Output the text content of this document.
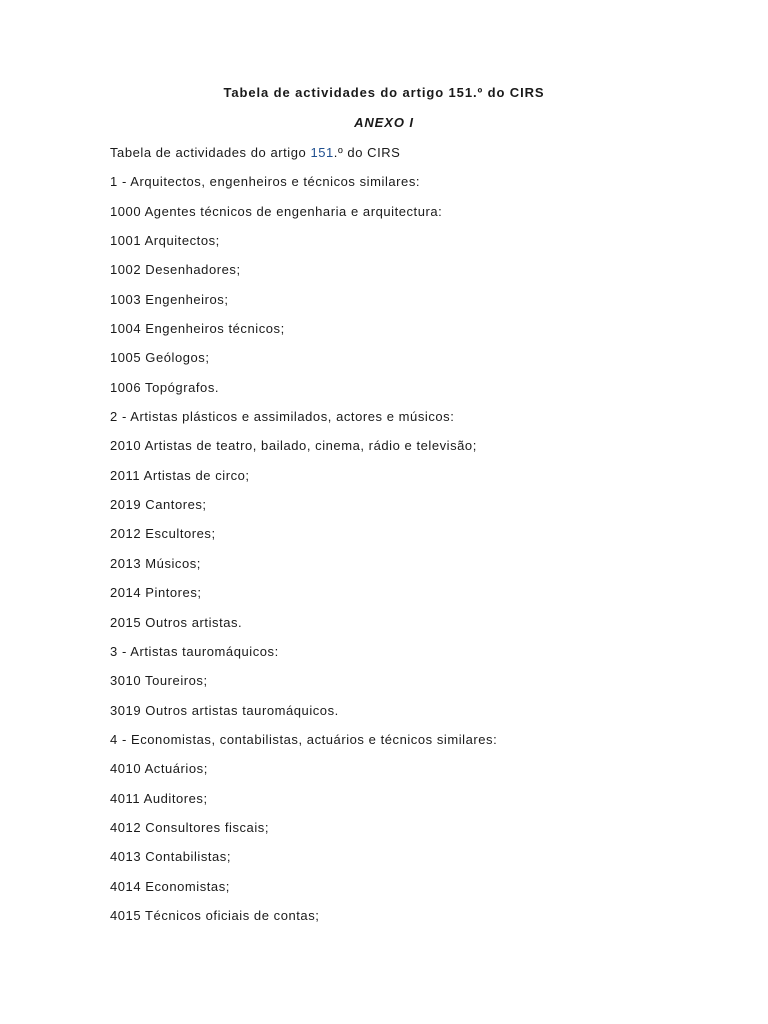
Tabela de actividades do artigo 151.º do CIRS
ANEXO I
Tabela de actividades do artigo 151.º do CIRS
1 - Arquitectos, engenheiros e técnicos similares:
1000 Agentes técnicos de engenharia e arquitectura:
1001 Arquitectos;
1002 Desenhadores;
1003 Engenheiros;
1004 Engenheiros técnicos;
1005 Geólogos;
1006 Topógrafos.
2 - Artistas plásticos e assimilados, actores e músicos:
2010 Artistas de teatro, bailado, cinema, rádio e televisão;
2011 Artistas de circo;
2019 Cantores;
2012 Escultores;
2013 Músicos;
2014 Pintores;
2015 Outros artistas.
3 - Artistas tauromáquicos:
3010 Toureiros;
3019 Outros artistas tauromáquicos.
4 - Economistas, contabilistas, actuários e técnicos similares:
4010 Actuários;
4011 Auditores;
4012 Consultores fiscais;
4013 Contabilistas;
4014 Economistas;
4015 Técnicos oficiais de contas;
